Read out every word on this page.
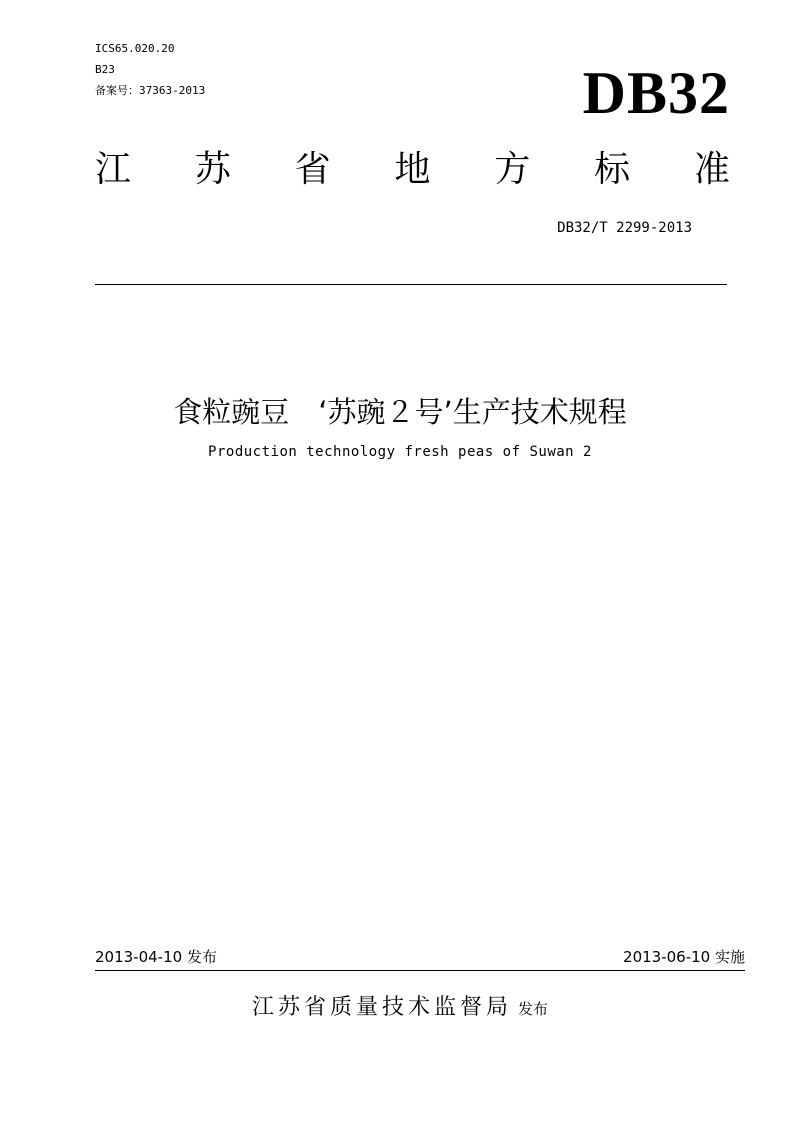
ICS65.020.20
B23
备案号：37363-2013	DB32
江 苏 省 地 方 标 准
DB32/T 2299-2013
食粒豌豆　‘苏豌２号’生产技术规程
Production technology fresh peas of Suwan 2
2013-04-10 发布	2013-06-10 实施
江苏省质量技术监督局 发布
